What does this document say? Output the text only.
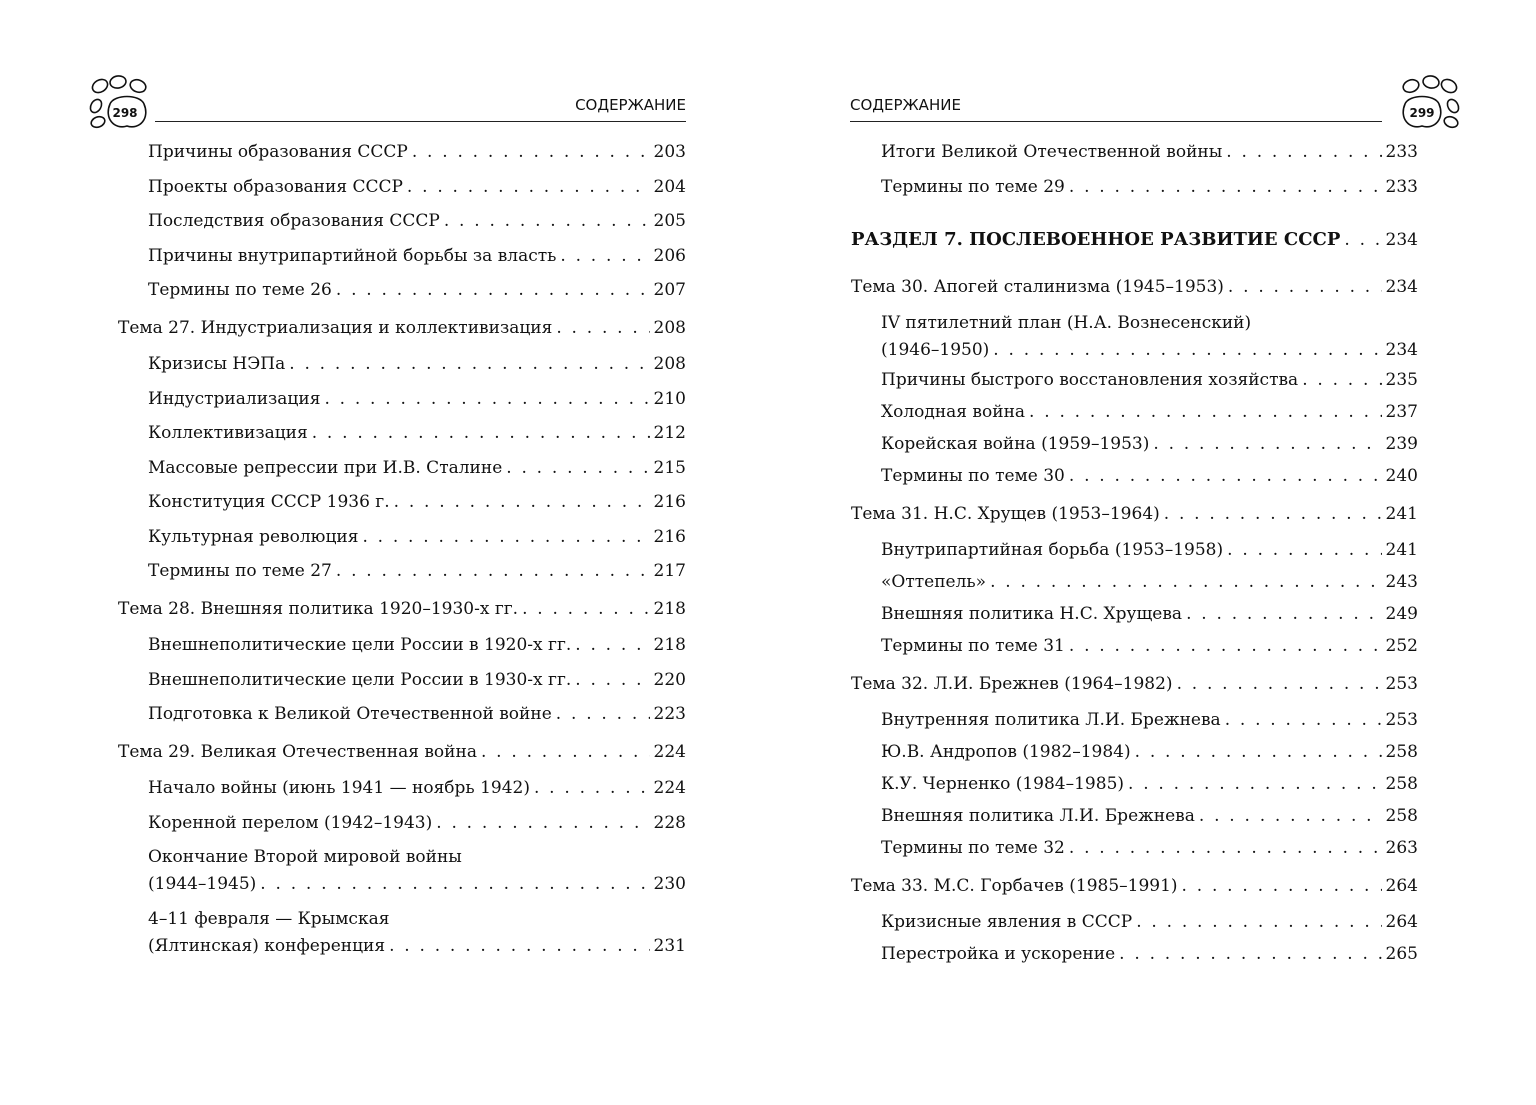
298	СОДЕРЖАНИЕ
Причины образования СССР . . .	203
Проекты образования СССР . . .	204
Последствия образования СССР . . .	205
Причины внутрипартийной борьбы за власть . . .	206
Термины по теме 26 . . .	207
Тема 27. Индустриализация и коллективизация . . .	208
Кризисы НЭПа . . .	208
Индустриализация . . .	210
Коллективизация . . .	212
Массовые репрессии при И.В. Сталине . . .	215
Конституция СССР 1936 г. . . .	216
Культурная революция . . .	216
Термины по теме 27 . . .	217
Тема 28. Внешняя политика 1920–1930-х гг. . . .	218
Внешнеполитические цели России в 1920-х гг. . . .	218
Внешнеполитические цели России в 1930-х гг. . . .	220
Подготовка к Великой Отечественной войне . . .	223
Тема 29. Великая Отечественная война . . .	224
Начало войны (июнь 1941 — ноябрь 1942) . . .	224
Коренной перелом (1942–1943) . . .	228
Окончание Второй мировой войны
(1944–1945) . . .	230
4–11 февраля — Крымская
(Ялтинская) конференция . . .	231
СОДЕРЖАНИЕ	299
Итоги Великой Отечественной войны . . .	233
Термины по теме 29 . . .	233
РАЗДЕЛ 7. ПОСЛЕВОЕННОЕ РАЗВИТИЕ СССР . . .	234
Тема 30. Апогей сталинизма (1945–1953) . . .	234
IV пятилетний план (Н.А. Вознесенский)
(1946–1950) . . .	234
Причины быстрого восстановления хозяйства . . .	235
Холодная война . . .	237
Корейская война (1959–1953) . . .	239
Термины по теме 30 . . .	240
Тема 31. Н.С. Хрущев (1953–1964) . . .	241
Внутрипартийная борьба (1953–1958) . . .	241
«Оттепель» . . .	243
Внешняя политика Н.С. Хрущева . . .	249
Термины по теме 31 . . .	252
Тема 32. Л.И. Брежнев (1964–1982) . . .	253
Внутренняя политика Л.И. Брежнева . . .	253
Ю.В. Андропов (1982–1984) . . .	258
К.У. Черненко (1984–1985) . . .	258
Внешняя политика Л.И. Брежнева . . .	258
Термины по теме 32 . . .	263
Тема 33. М.С. Горбачев (1985–1991) . . .	264
Кризисные явления в СССР . . .	264
Перестройка и ускорение . . .	265
